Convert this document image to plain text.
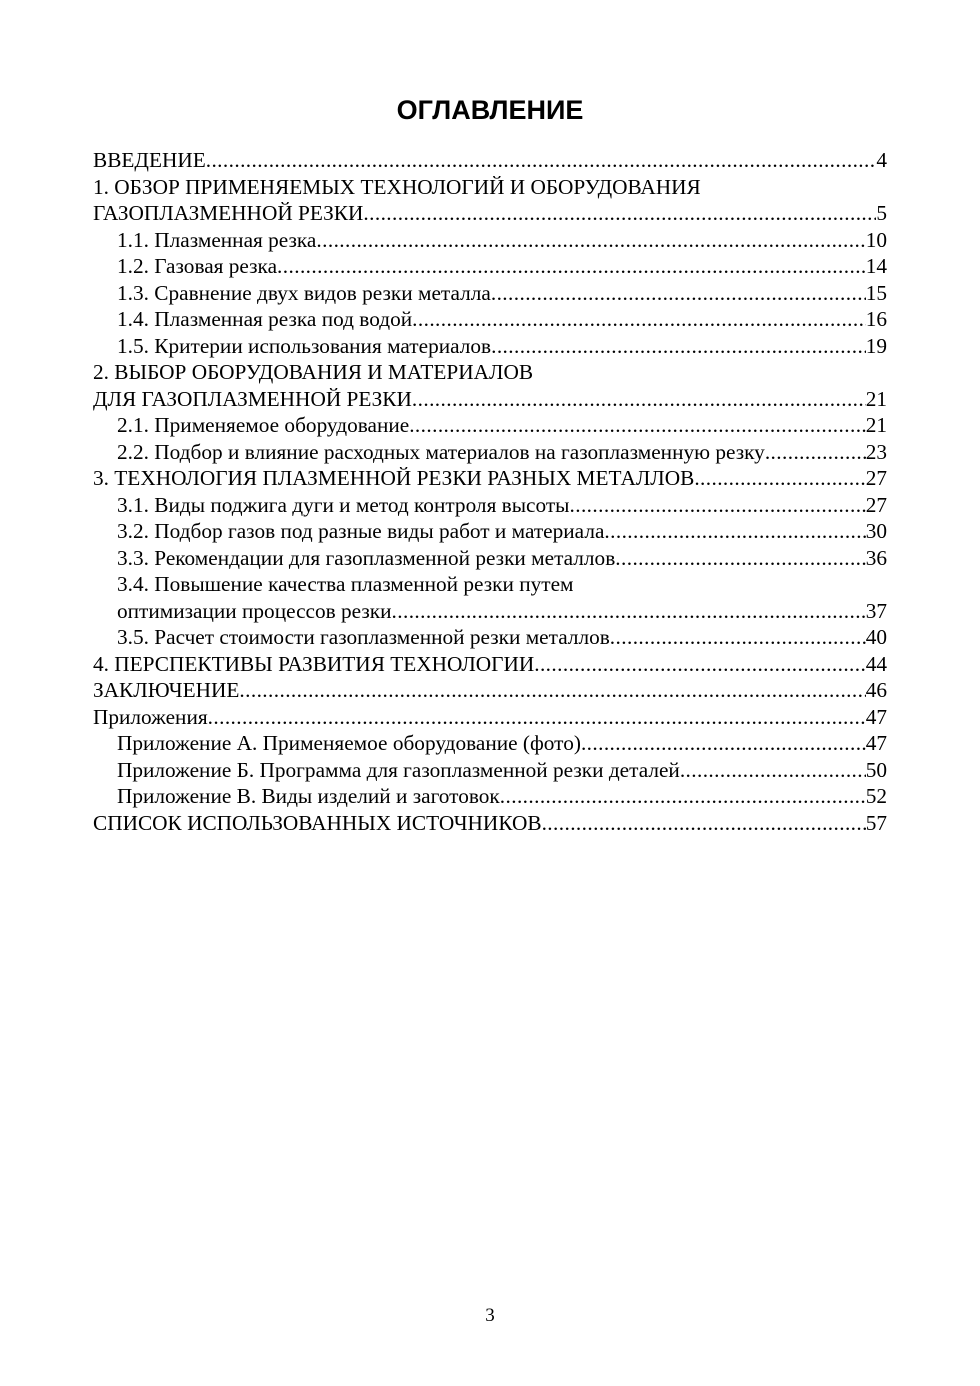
ОГЛАВЛЕНИЕ
ВВЕДЕНИЕ .....	4
1. ОБЗОР ПРИМЕНЯЕМЫХ ТЕХНОЛОГИЙ И ОБОРУДОВАНИЯ
ГАЗОПЛАЗМЕННОЙ РЕЗКИ .....	5
1.1. Плазменная резка .....	10
1.2. Газовая резка .....	14
1.3. Сравнение двух видов резки металла .....	15
1.4. Плазменная резка под водой .....	16
1.5. Критерии использования материалов .....	19
2. ВЫБОР ОБОРУДОВАНИЯ И МАТЕРИАЛОВ
ДЛЯ ГАЗОПЛАЗМЕННОЙ РЕЗКИ .....	21
2.1. Применяемое оборудование .....	21
2.2. Подбор и влияние расходных материалов на газоплазменную резку .....	23
3. ТЕХНОЛОГИЯ ПЛАЗМЕННОЙ РЕЗКИ РАЗНЫХ МЕТАЛЛОВ .....	27
3.1. Виды поджига дуги и метод контроля высоты .....	27
3.2. Подбор газов под разные виды работ и материала .....	30
3.3. Рекомендации для газоплазменной резки металлов .....	36
3.4. Повышение качества плазменной резки путем
оптимизации процессов резки .....	37
3.5. Расчет стоимости газоплазменной резки металлов .....	40
4. ПЕРСПЕКТИВЫ РАЗВИТИЯ ТЕХНОЛОГИИ .....	44
ЗАКЛЮЧЕНИЕ .....	46
Приложения .....	47
Приложение А. Применяемое оборудование (фото) .....	47
Приложение Б. Программа для газоплазменной резки деталей .....	50
Приложение В. Виды изделий и заготовок .....	52
СПИСОК ИСПОЛЬЗОВАННЫХ ИСТОЧНИКОВ .....	57
3
